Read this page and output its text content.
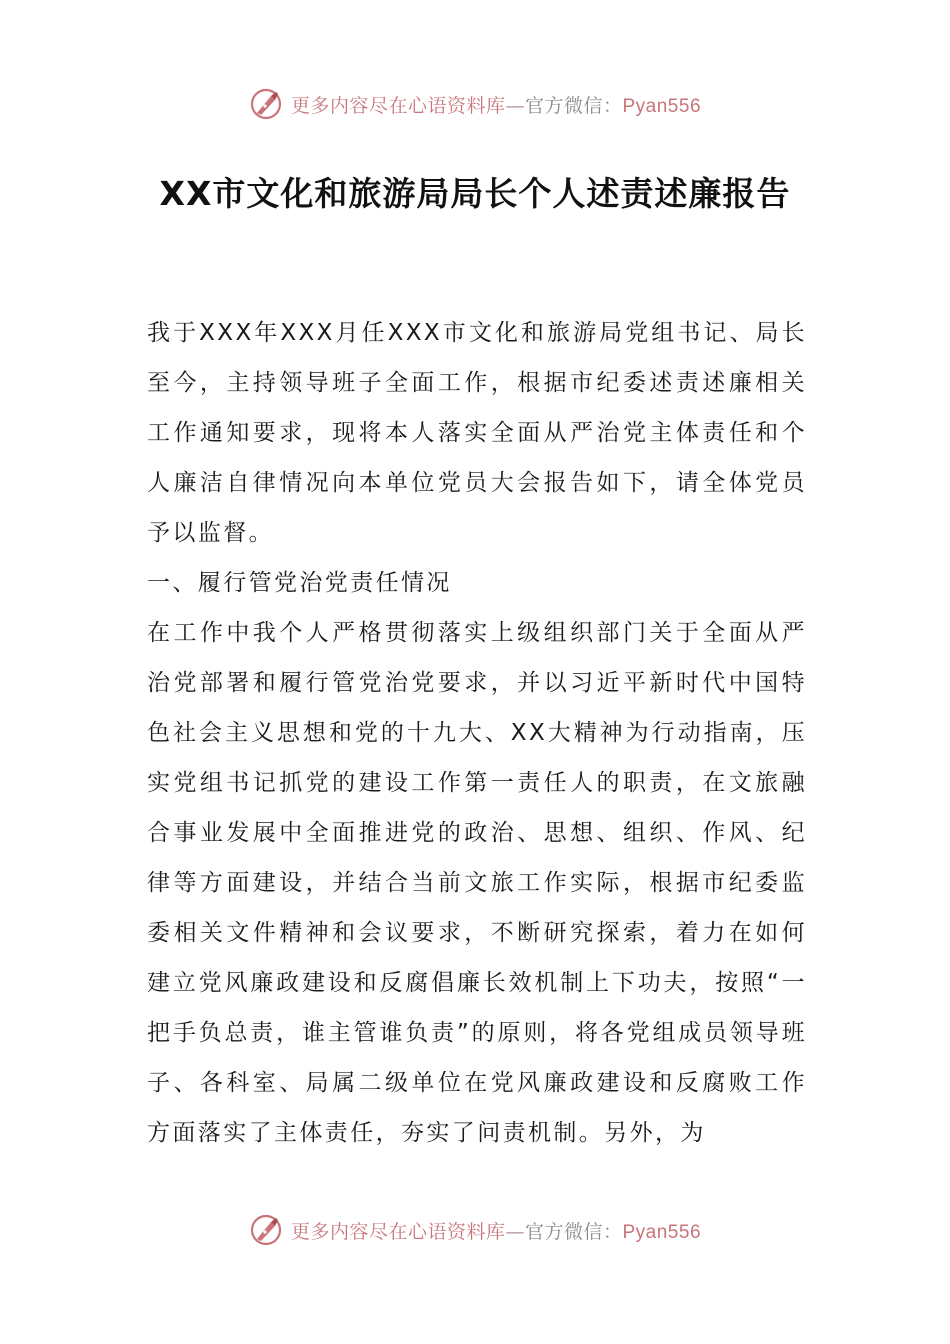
更多内容尽在心语资料库—官方微信：Pyan556
XX市文化和旅游局局长个人述责述廉报告

我于XXX年XXX月任XXX市文化和旅游局党组书记、局长至今，主持领导班子全面工作，根据市纪委述责述廉相关工作通知要求，现将本人落实全面从严治党主体责任和个人廉洁自律情况向本单位党员大会报告如下，请全体党员予以监督。

一、履行管党治党责任情况

在工作中我个人严格贯彻落实上级组织部门关于全面从严治党部署和履行管党治党要求，并以习近平新时代中国特色社会主义思想和党的十九大、XX大精神为行动指南，压实党组书记抓党的建设工作第一责任人的职责，在文旅融合事业发展中全面推进党的政治、思想、组织、作风、纪律等方面建设，并结合当前文旅工作实际，根据市纪委监委相关文件精神和会议要求，不断研究探索，着力在如何建立党风廉政建设和反腐倡廉长效机制上下功夫，按照“一把手负总责，谁主管谁负责”的原则，将各党组成员领导班子、各科室、局属二级单位在党风廉政建设和反腐败工作方面落实了主体责任，夯实了问责机制。另外，为

更多内容尽在心语资料库—官方微信：Pyan556
